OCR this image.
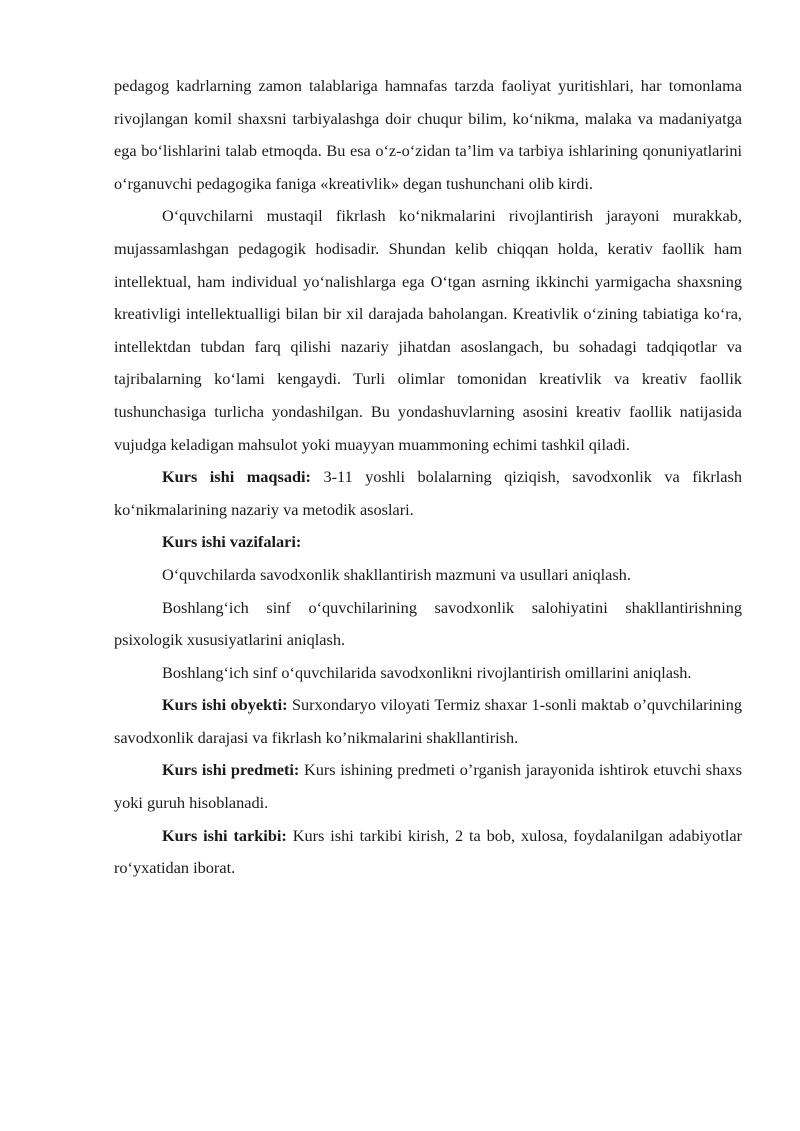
pedagog kadrlarning zamon talablariga hamnafas tarzda faoliyat yuritishlari, har tomonlama rivojlangan komil shaxsni tarbiyalashga doir chuqur bilim, ko‘nikma, malaka va madaniyatga ega bo‘lishlarini talab etmoqda. Bu esa o‘z-o‘zidan ta’lim va tarbiya ishlarining qonuniyatlarini o‘rganuvchi pedagogika faniga «kreativlik» degan tushunchani olib kirdi.

O‘quvchilarni mustaqil fikrlash ko‘nikmalarini rivojlantirish jarayoni murakkab, mujassamlashgan pedagogik hodisadir. Shundan kelib chiqqan holda, kerativ faollik ham intellektual, ham individual yo‘nalishlarga ega O‘tgan asrning ikkinchi yarmigacha shaxsning kreativligi intellektualligi bilan bir xil darajada baholangan. Kreativlik o‘zining tabiatiga ko‘ra, intellektdan tubdan farq qilishi nazariy jihatdan asoslangach, bu sohadagi tadqiqotlar va tajribalarning ko‘lami kengaydi. Turli olimlar tomonidan kreativlik va kreativ faollik tushunchasiga turlicha yondashilgan. Bu yondashuvlarning asosini kreativ faollik natijasida vujudga keladigan mahsulot yoki muayyan muammoning echimi tashkil qiladi.

Kurs ishi maqsadi: 3-11 yoshli bolalarning qiziqish, savodxonlik va fikrlash ko‘nikmalarining nazariy va metodik asoslari.

Kurs ishi vazifalari:

O‘quvchilarda savodxonlik shakllantirish mazmuni va usullari aniqlash.

Boshlang‘ich sinf o‘quvchilarining savodxonlik salohiyatini shakllantirishning psixologik xususiyatlarini aniqlash.

Boshlang‘ich sinf o‘quvchilarida savodxonlikni rivojlantirish omillarini aniqlash.

Kurs ishi obyekti: Surxondaryo viloyati Termiz shaxar 1-sonli maktab o’quvchilarining savodxonlik darajasi va fikrlash ko’nikmalarini shakllantirish.

Kurs ishi predmeti: Kurs ishining predmeti o’rganish jarayonida ishtirok etuvchi shaxs yoki guruh hisoblanadi.

Kurs ishi tarkibi: Kurs ishi tarkibi kirish, 2 ta bob, xulosa, foydalanilgan adabiyotlar ro‘yxatidan iborat.
